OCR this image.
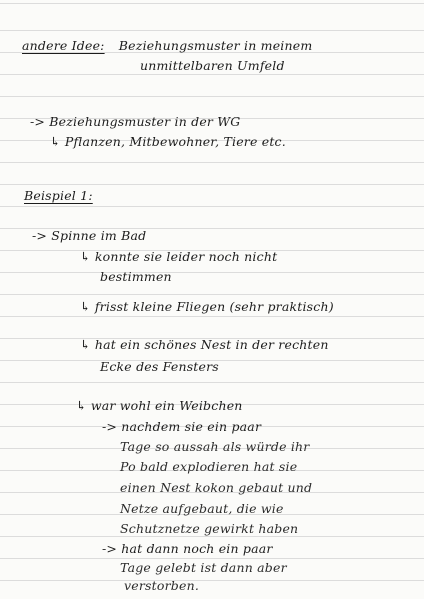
andere Idee: Beziehungsmuster in meinem
unmittelbaren Umfeld
-> Beziehungsmuster in der WG
↳ Pflanzen, Mitbewohner, Tiere etc.
Beispiel 1:
-> Spinne im Bad
↳ konnte sie leider noch nicht
bestimmen
↳ frisst kleine Fliegen (sehr praktisch)
↳ hat ein schönes Nest in der rechten
Ecke des Fensters
↳ war wohl ein Weibchen
-> nachdem sie ein paar
Tage so aussah als würde ihr
Po bald explodieren hat sie
einen Nest kokon gebaut und
Netze aufgebaut, die wie
Schutznetze gewirkt haben
-> hat dann noch ein paar
Tage gelebt ist dann aber
verstorben.
